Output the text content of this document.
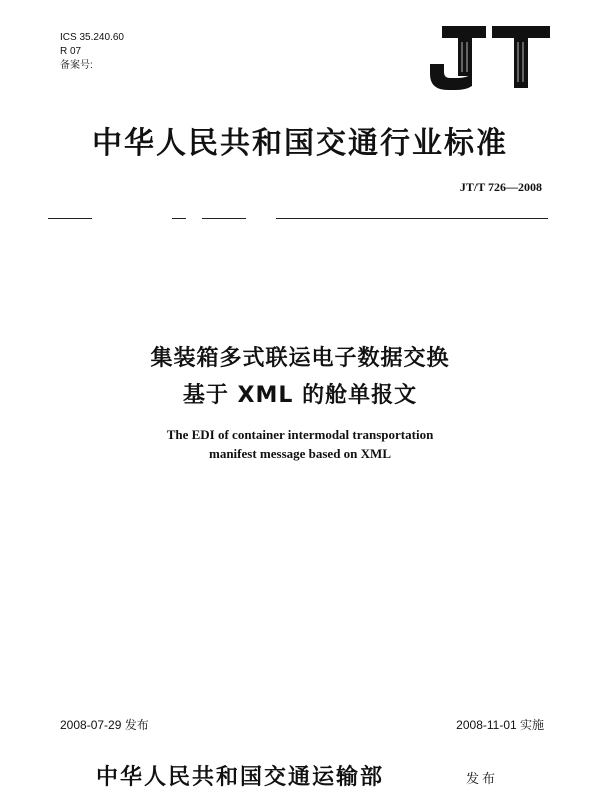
ICS 35.240.60
R 07
备案号:
中华人民共和国交通行业标准
JT/T 726—2008
集装箱多式联运电子数据交换
基于 XML 的舱单报文
The EDI of container intermodal transportation
manifest message based on XML
2008-07-29 发布	2008-11-01 实施
中华人民共和国交通运输部	发布
